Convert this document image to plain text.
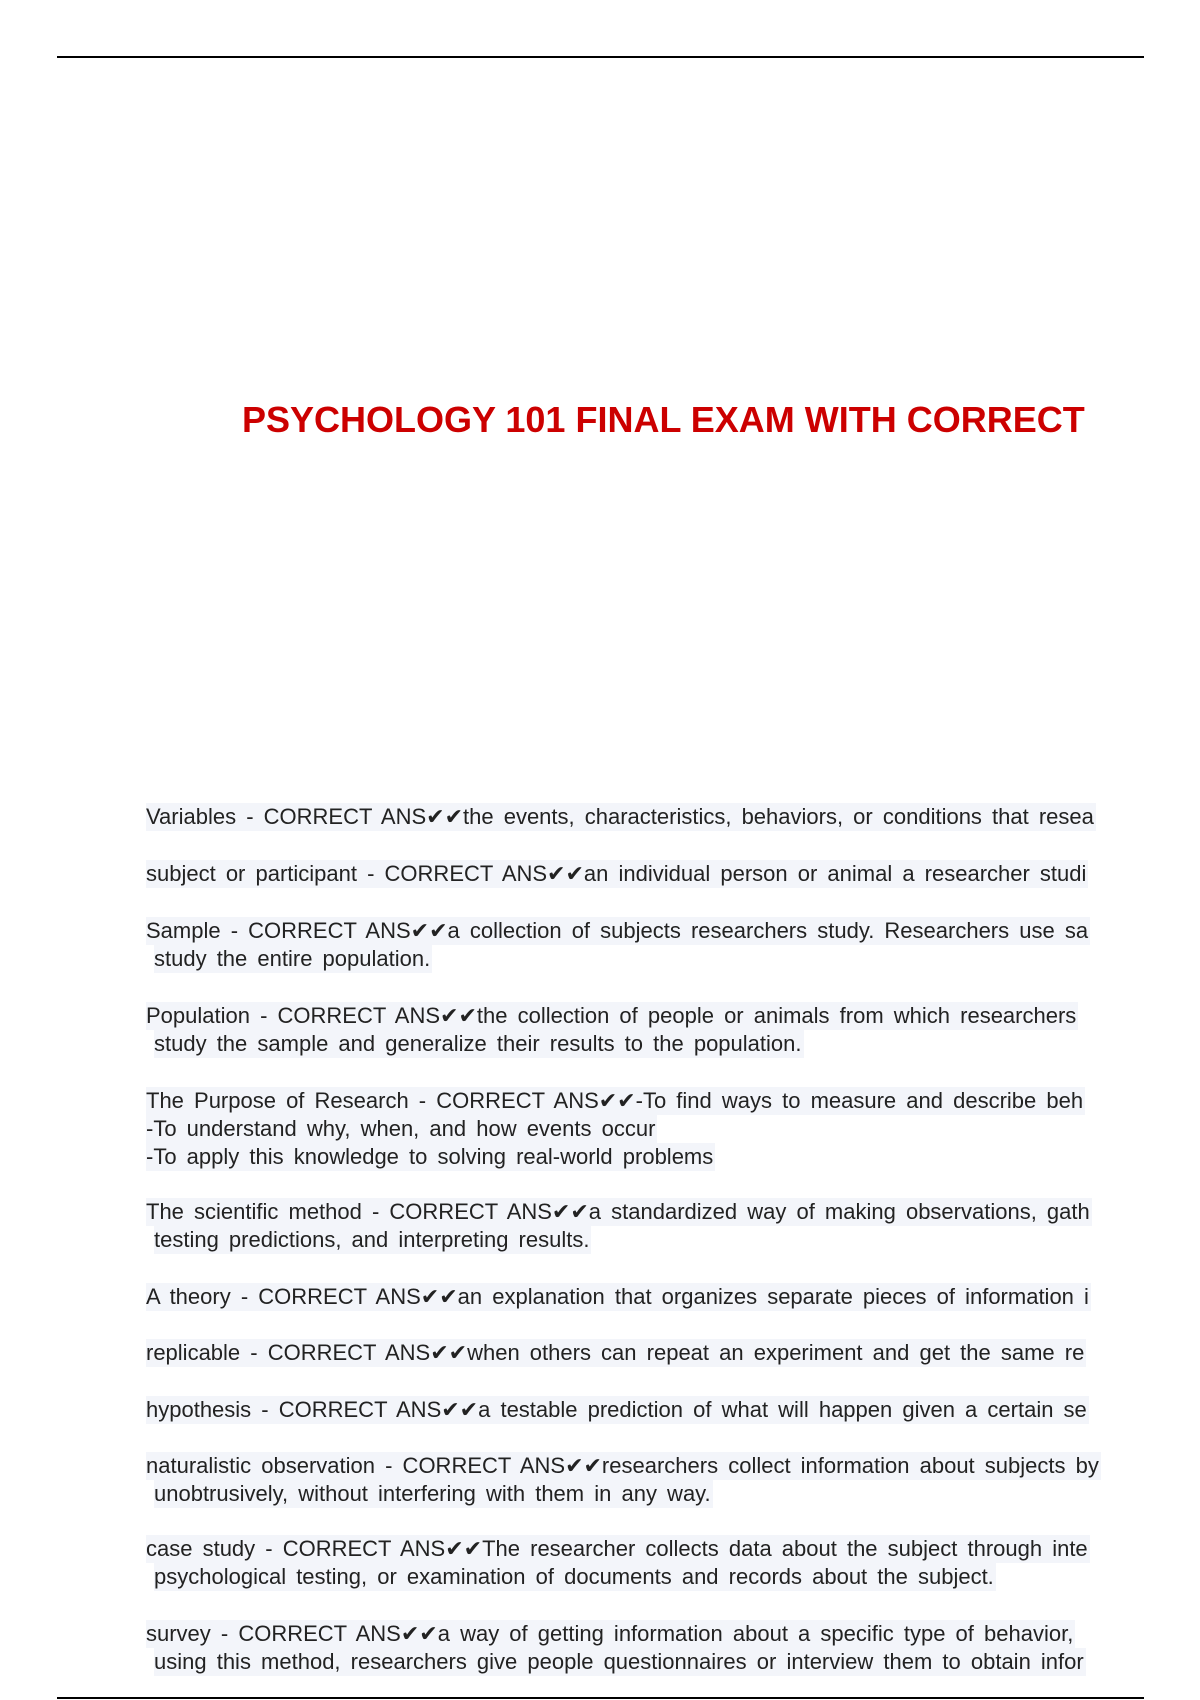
PSYCHOLOGY 101 FINAL EXAM WITH CORRECT
Variables - CORRECT ANS✔✔the events, characteristics, behaviors, or conditions that resea
subject or participant - CORRECT ANS✔✔an individual person or animal a researcher studi
Sample - CORRECT ANS✔✔a collection of subjects researchers study. Researchers use sa
study the entire population.
Population - CORRECT ANS✔✔the collection of people or animals from which researchers
study the sample and generalize their results to the population.
The Purpose of Research - CORRECT ANS✔✔-To find ways to measure and describe beh
-To understand why, when, and how events occur
-To apply this knowledge to solving real-world problems
The scientific method - CORRECT ANS✔✔a standardized way of making observations, gath
testing predictions, and interpreting results.
A theory - CORRECT ANS✔✔an explanation that organizes separate pieces of information i
replicable - CORRECT ANS✔✔when others can repeat an experiment and get the same re
hypothesis - CORRECT ANS✔✔a testable prediction of what will happen given a certain se
naturalistic observation - CORRECT ANS✔✔researchers collect information about subjects by
unobtrusively, without interfering with them in any way.
case study - CORRECT ANS✔✔The researcher collects data about the subject through inte
psychological testing, or examination of documents and records about the subject.
survey - CORRECT ANS✔✔a way of getting information about a specific type of behavior,
using this method, researchers give people questionnaires or interview them to obtain infor
